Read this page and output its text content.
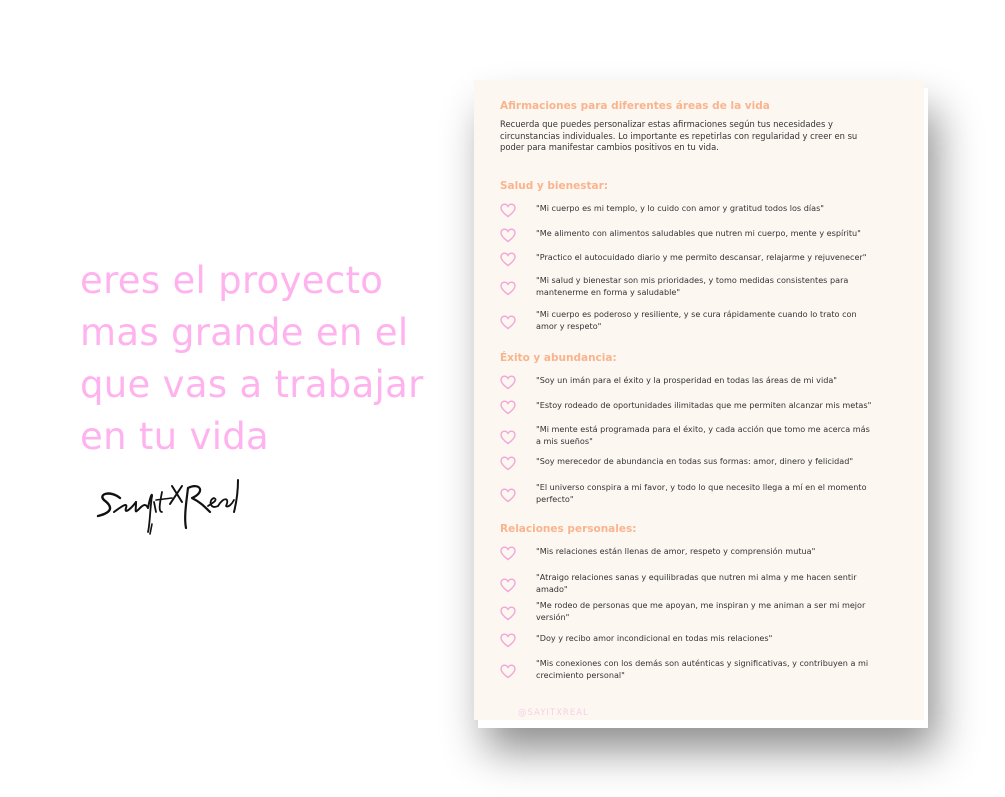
eres el proyecto
mas grande en el
que vas a trabajar
en tu vida
Afirmaciones para diferentes áreas de la vida
Recuerda que puedes personalizar estas afirmaciones según tus necesidades y
circunstancias individuales. Lo importante es repetirlas con regularidad y creer en su
poder para manifestar cambios positivos en tu vida.
Salud y bienestar:
Éxito y abundancia:
Relaciones personales:
"Mi cuerpo es mi templo, y lo cuido con amor y gratitud todos los días"
"Me alimento con alimentos saludables que nutren mi cuerpo, mente y espíritu"
"Practico el autocuidado diario y me permito descansar, relajarme y rejuvenecer"
"Mi salud y bienestar son mis prioridades, y tomo medidas consistentes para
mantenerme en forma y saludable"
"Mi cuerpo es poderoso y resiliente, y se cura rápidamente cuando lo trato con
amor y respeto"
"Soy un imán para el éxito y la prosperidad en todas las áreas de mi vida"
"Estoy rodeado de oportunidades ilimitadas que me permiten alcanzar mis metas"
"Mi mente está programada para el éxito, y cada acción que tomo me acerca más
a mis sueños"
"Soy merecedor de abundancia en todas sus formas: amor, dinero y felicidad"
"El universo conspira a mi favor, y todo lo que necesito llega a mí en el momento
perfecto"
"Mis relaciones están llenas de amor, respeto y comprensión mutua"
"Atraigo relaciones sanas y equilibradas que nutren mi alma y me hacen sentir
amado"
"Me rodeo de personas que me apoyan, me inspiran y me animan a ser mi mejor
versión"
"Doy y recibo amor incondicional en todas mis relaciones"
"Mis conexiones con los demás son auténticas y significativas, y contribuyen a mi
crecimiento personal"
@SAYITXREAL
